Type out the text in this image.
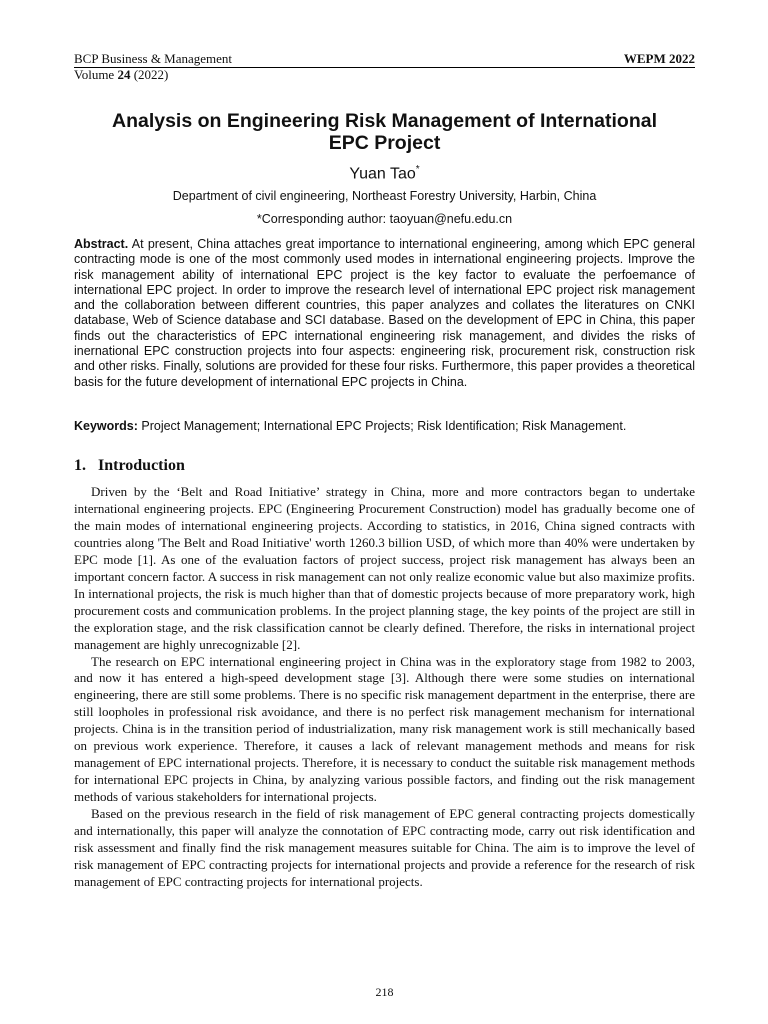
BCP Business & Management	WEPM 2022
Volume 24 (2022)
Analysis on Engineering Risk Management of International
EPC Project
Yuan Tao*
Department of civil engineering, Northeast Forestry University, Harbin, China
*Corresponding author: taoyuan@nefu.edu.cn

Abstract. At present, China attaches great importance to international engineering, among which EPC general contracting mode is one of the most commonly used modes in international engineering projects. Improve the risk management ability of international EPC project is the key factor to evaluate the perfoemance of international EPC project. In order to improve the research level of international EPC project risk management and the collaboration between different countries, this paper analyzes and collates the literatures on CNKI database, Web of Science database and SCI database. Based on the development of EPC in China, this paper finds out the characteristics of EPC international engineering risk management, and divides the risks of inernational EPC construction projects into four aspects: engineering risk, procurement risk, construction risk and other risks. Finally, solutions are provided for these four risks. Furthermore, this paper provides a theoretical basis for the future development of international EPC projects in China.

Keywords: Project Management; International EPC Projects; Risk Identification; Risk Management.

1. Introduction

Driven by the ‘Belt and Road Initiative’ strategy in China, more and more contractors began to undertake international engineering projects. EPC (Engineering Procurement Construction) model has gradually become one of the main modes of international engineering projects. According to statistics, in 2016, China signed contracts with countries along 'The Belt and Road Initiative' worth 1260.3 billion USD, of which more than 40% were undertaken by EPC mode [1]. As one of the evaluation factors of project success, project risk management has always been an important concern factor. A success in risk management can not only realize economic value but also maximize profits. In international projects, the risk is much higher than that of domestic projects because of more preparatory work, high procurement costs and communication problems. In the project planning stage, the key points of the project are still in the exploration stage, and the risk classification cannot be clearly defined. Therefore, the risks in international project management are highly unrecognizable [2].

The research on EPC international engineering project in China was in the exploratory stage from 1982 to 2003, and now it has entered a high-speed development stage [3]. Although there were some studies on international engineering, there are still some problems. There is no specific risk management department in the enterprise, there are still loopholes in professional risk avoidance, and there is no perfect risk management mechanism for international projects. China is in the transition period of industrialization, many risk management work is still mechanically based on previous work experience. Therefore, it causes a lack of relevant management methods and means for risk management of EPC international projects. Therefore, it is necessary to conduct the suitable risk management methods for international EPC projects in China, by analyzing various possible factors, and finding out the risk management methods of various stakeholders for international projects.

Based on the previous research in the field of risk management of EPC general contracting projects domestically and internationally, this paper will analyze the connotation of EPC contracting mode, carry out risk identification and risk assessment and finally find the risk management measures suitable for China. The aim is to improve the level of risk management of EPC contracting projects for international projects and provide a reference for the research of risk management of EPC contracting projects for international projects.

218
